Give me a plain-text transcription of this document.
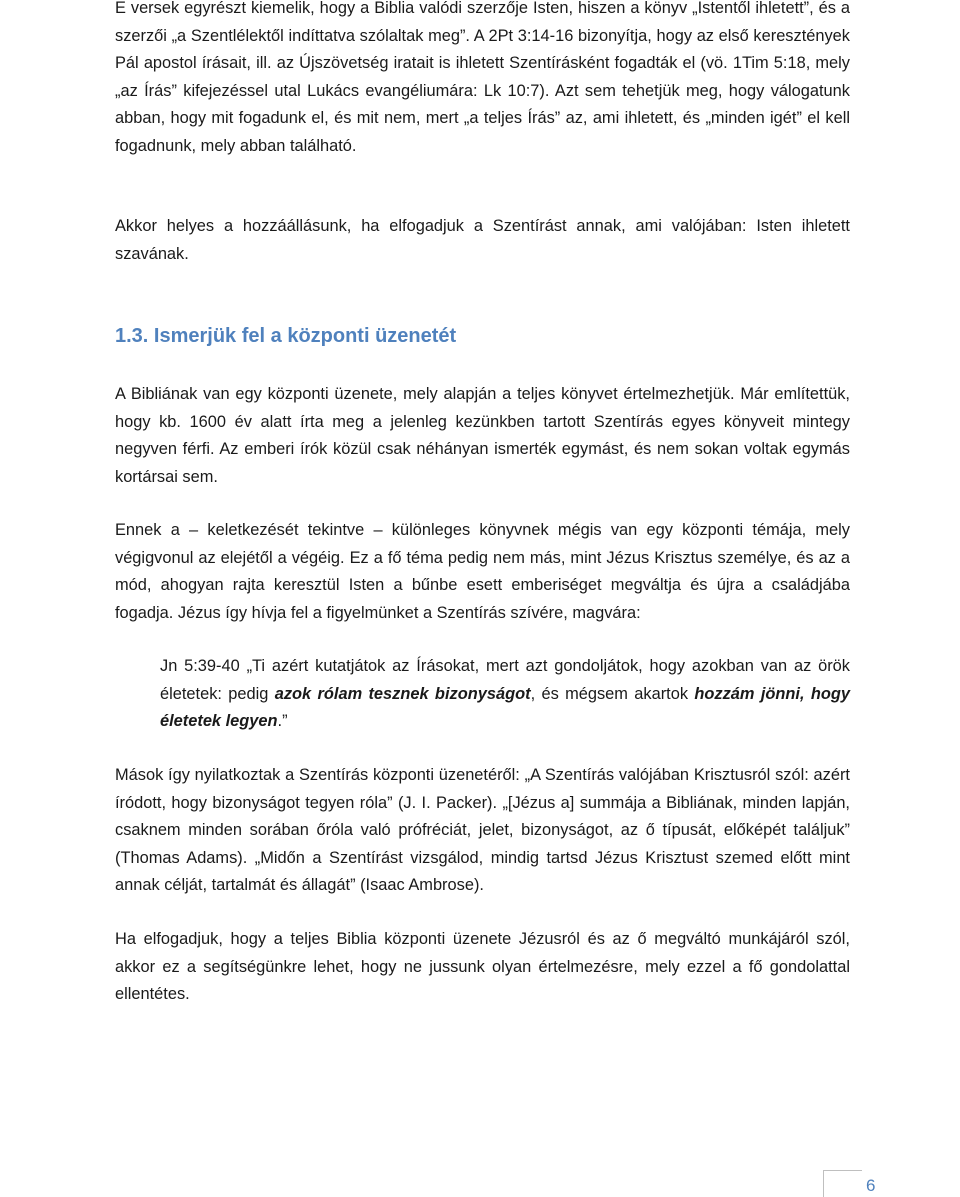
E versek egyrészt kiemelik, hogy a Biblia valódi szerzője Isten, hiszen a könyv „Istentől ihletett”, és a szerzői „a Szentlélektől indíttatva szólaltak meg”. A 2Pt 3:14-16 bizonyítja, hogy az első keresztények Pál apostol írásait, ill. az Újszövetség iratait is ihletett Szentírásként fogadták el (vö. 1Tim 5:18, mely „az Írás” kifejezéssel utal Lukács evangéliumára: Lk 10:7). Azt sem tehetjük meg, hogy válogatunk abban, hogy mit fogadunk el, és mit nem, mert „a teljes Írás” az, ami ihletett, és „minden igét” el kell fogadnunk, mely abban található.

Akkor helyes a hozzáállásunk, ha elfogadjuk a Szentírást annak, ami valójában: Isten ihletett szavának.

1.3. Ismerjük fel a központi üzenetét

A Bibliának van egy központi üzenete, mely alapján a teljes könyvet értelmezhetjük. Már említettük, hogy kb. 1600 év alatt írta meg a jelenleg kezünkben tartott Szentírás egyes könyveit mintegy negyven férfi. Az emberi írók közül csak néhányan ismerték egymást, és nem sokan voltak egymás kortársai sem.

Ennek a – keletkezését tekintve – különleges könyvnek mégis van egy központi témája, mely végigvonul az elejétől a végéig. Ez a fő téma pedig nem más, mint Jézus Krisztus személye, és az a mód, ahogyan rajta keresztül Isten a bűnbe esett emberiséget megváltja és újra a családjába fogadja. Jézus így hívja fel a figyelmünket a Szentírás szívére, magvára:

Jn 5:39-40 „Ti azért kutatjátok az Írásokat, mert azt gondoljátok, hogy azokban van az örök életetek: pedig azok rólam tesznek bizonyságot, és mégsem akartok hozzám jönni, hogy életetek legyen.”

Mások így nyilatkoztak a Szentírás központi üzenetéről: „A Szentírás valójában Krisztusról szól: azért íródott, hogy bizonyságot tegyen róla” (J. I. Packer). „[Jézus a] summája a Bibliának, minden lapján, csaknem minden sorában őróla való prófréciát, jelet, bizonyságot, az ő típusát, előképét találjuk” (Thomas Adams). „Midőn a Szentírást vizsgálod, mindig tartsd Jézus Krisztust szemed előtt mint annak célját, tartalmát és állagát” (Isaac Ambrose).

Ha elfogadjuk, hogy a teljes Biblia központi üzenete Jézusról és az ő megváltó munkájáról szól, akkor ez a segítségünkre lehet, hogy ne jussunk olyan értelmezésre, mely ezzel a fő gondolattal ellentétes.

6
